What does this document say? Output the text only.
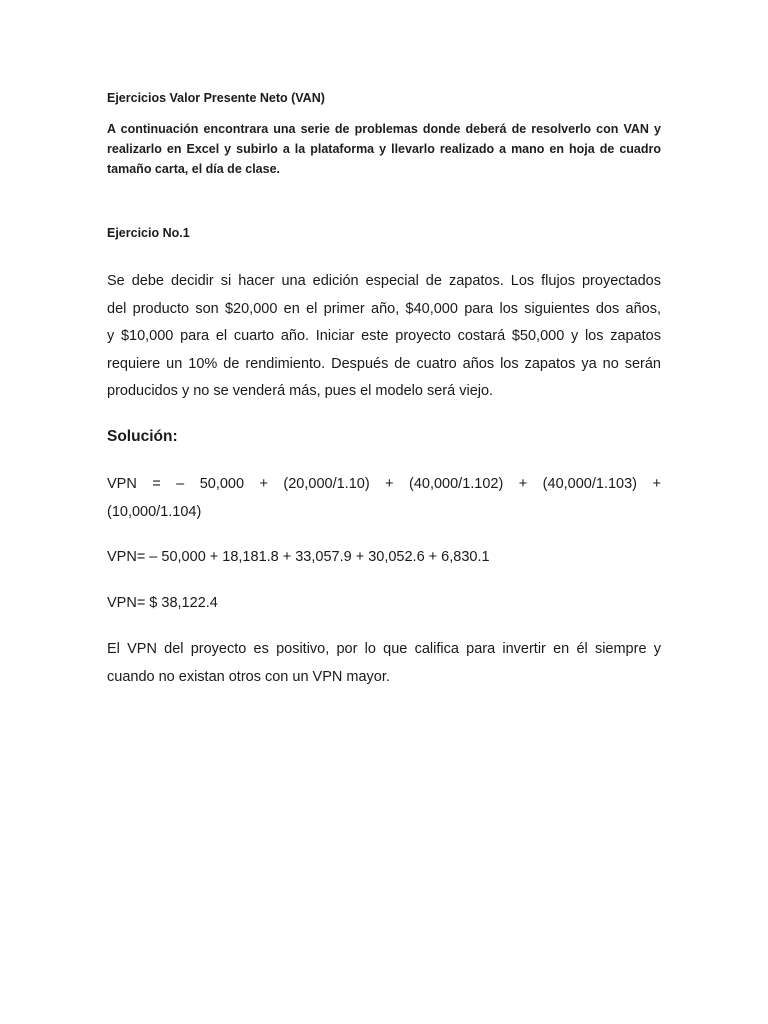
Ejercicios Valor Presente Neto (VAN)
A continuación encontrara una serie de problemas donde deberá de resolverlo con VAN y
realizarlo en Excel y subirlo a la plataforma y llevarlo realizado a mano en hoja de cuadro
tamaño carta, el día de clase.
Ejercicio No.1
Se debe decidir si hacer una edición especial de zapatos. Los flujos proyectados
del producto son $20,000 en el primer año, $40,000 para los siguientes dos años,
y $10,000 para el cuarto año. Iniciar este proyecto costará $50,000 y los zapatos
requiere un 10% de rendimiento. Después de cuatro años los zapatos ya no serán
producidos y no se venderá más, pues el modelo será viejo.
Solución:
VPN = – 50,000 + (20,000/1.10) + (40,000/1.102) + (40,000/1.103) +
(10,000/1.104)
VPN= – 50,000 + 18,181.8 + 33,057.9 + 30,052.6 + 6,830.1
VPN= $ 38,122.4
El VPN del proyecto es positivo, por lo que califica para invertir en él siempre y
cuando no existan otros con un VPN mayor.
